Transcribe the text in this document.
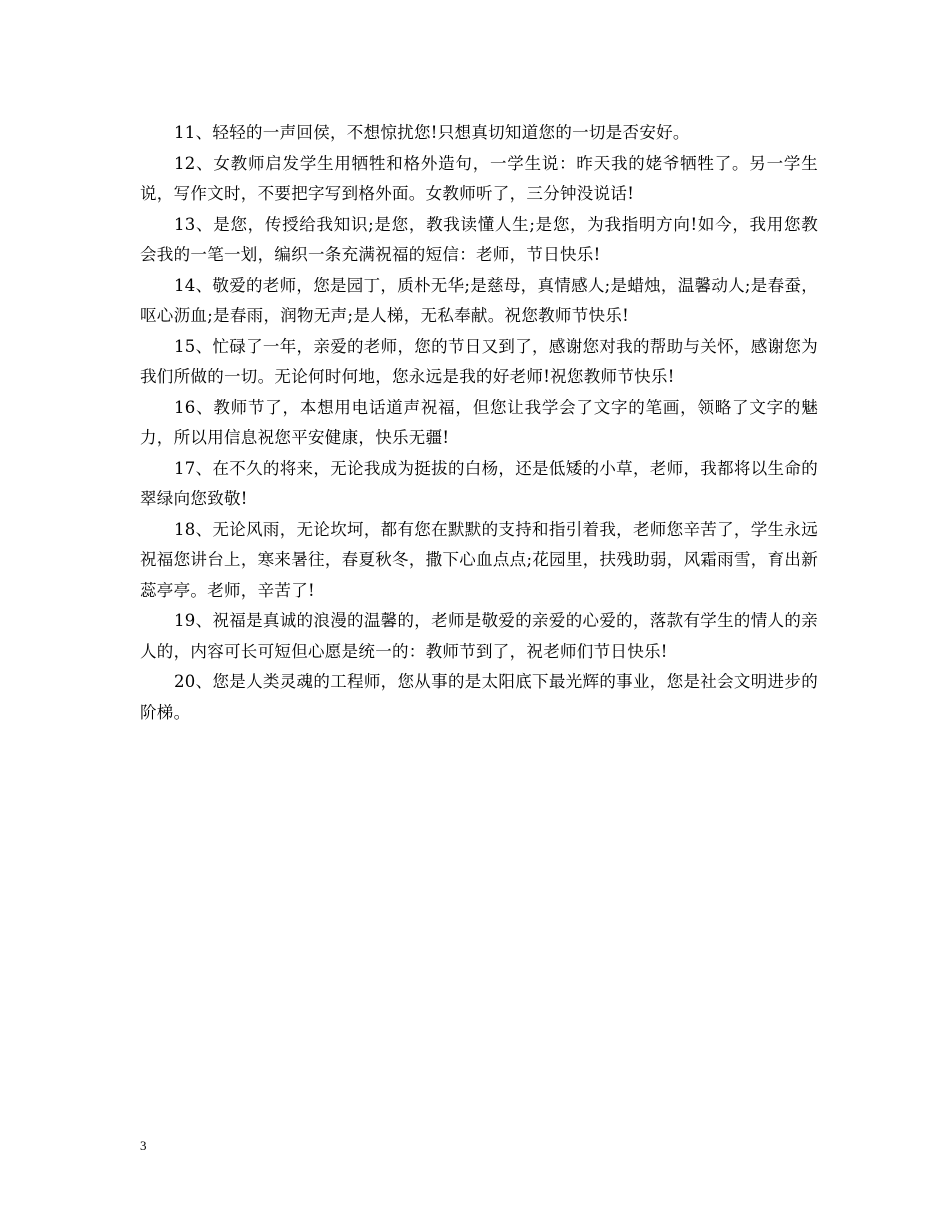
11、轻轻的一声回侯，不想惊扰您!只想真切知道您的一切是否安好。

12、女教师启发学生用牺牲和格外造句，一学生说：昨天我的姥爷牺牲了。另一学生说，写作文时，不要把字写到格外面。女教师听了，三分钟没说话!

13、是您，传授给我知识;是您，教我读懂人生;是您，为我指明方向!如今，我用您教会我的一笔一划，编织一条充满祝福的短信：老师，节日快乐!

14、敬爱的老师，您是园丁，质朴无华;是慈母，真情感人;是蜡烛，温馨动人;是春蚕，呕心沥血;是春雨，润物无声;是人梯，无私奉献。祝您教师节快乐!

15、忙碌了一年，亲爱的老师，您的节日又到了，感谢您对我的帮助与关怀，感谢您为我们所做的一切。无论何时何地，您永远是我的好老师!祝您教师节快乐!

16、教师节了，本想用电话道声祝福，但您让我学会了文字的笔画，领略了文字的魅力，所以用信息祝您平安健康，快乐无疆!

17、在不久的将来，无论我成为挺拔的白杨，还是低矮的小草，老师，我都将以生命的翠绿向您致敬!

18、无论风雨，无论坎坷，都有您在默默的支持和指引着我，老师您辛苦了，学生永远祝福您讲台上，寒来暑往，春夏秋冬，撒下心血点点;花园里，扶残助弱，风霜雨雪，育出新蕊亭亭。老师，辛苦了!

19、祝福是真诚的浪漫的温馨的，老师是敬爱的亲爱的心爱的，落款有学生的情人的亲人的，内容可长可短但心愿是统一的：教师节到了，祝老师们节日快乐!

20、您是人类灵魂的工程师，您从事的是太阳底下最光辉的事业，您是社会文明进步的阶梯。

3
